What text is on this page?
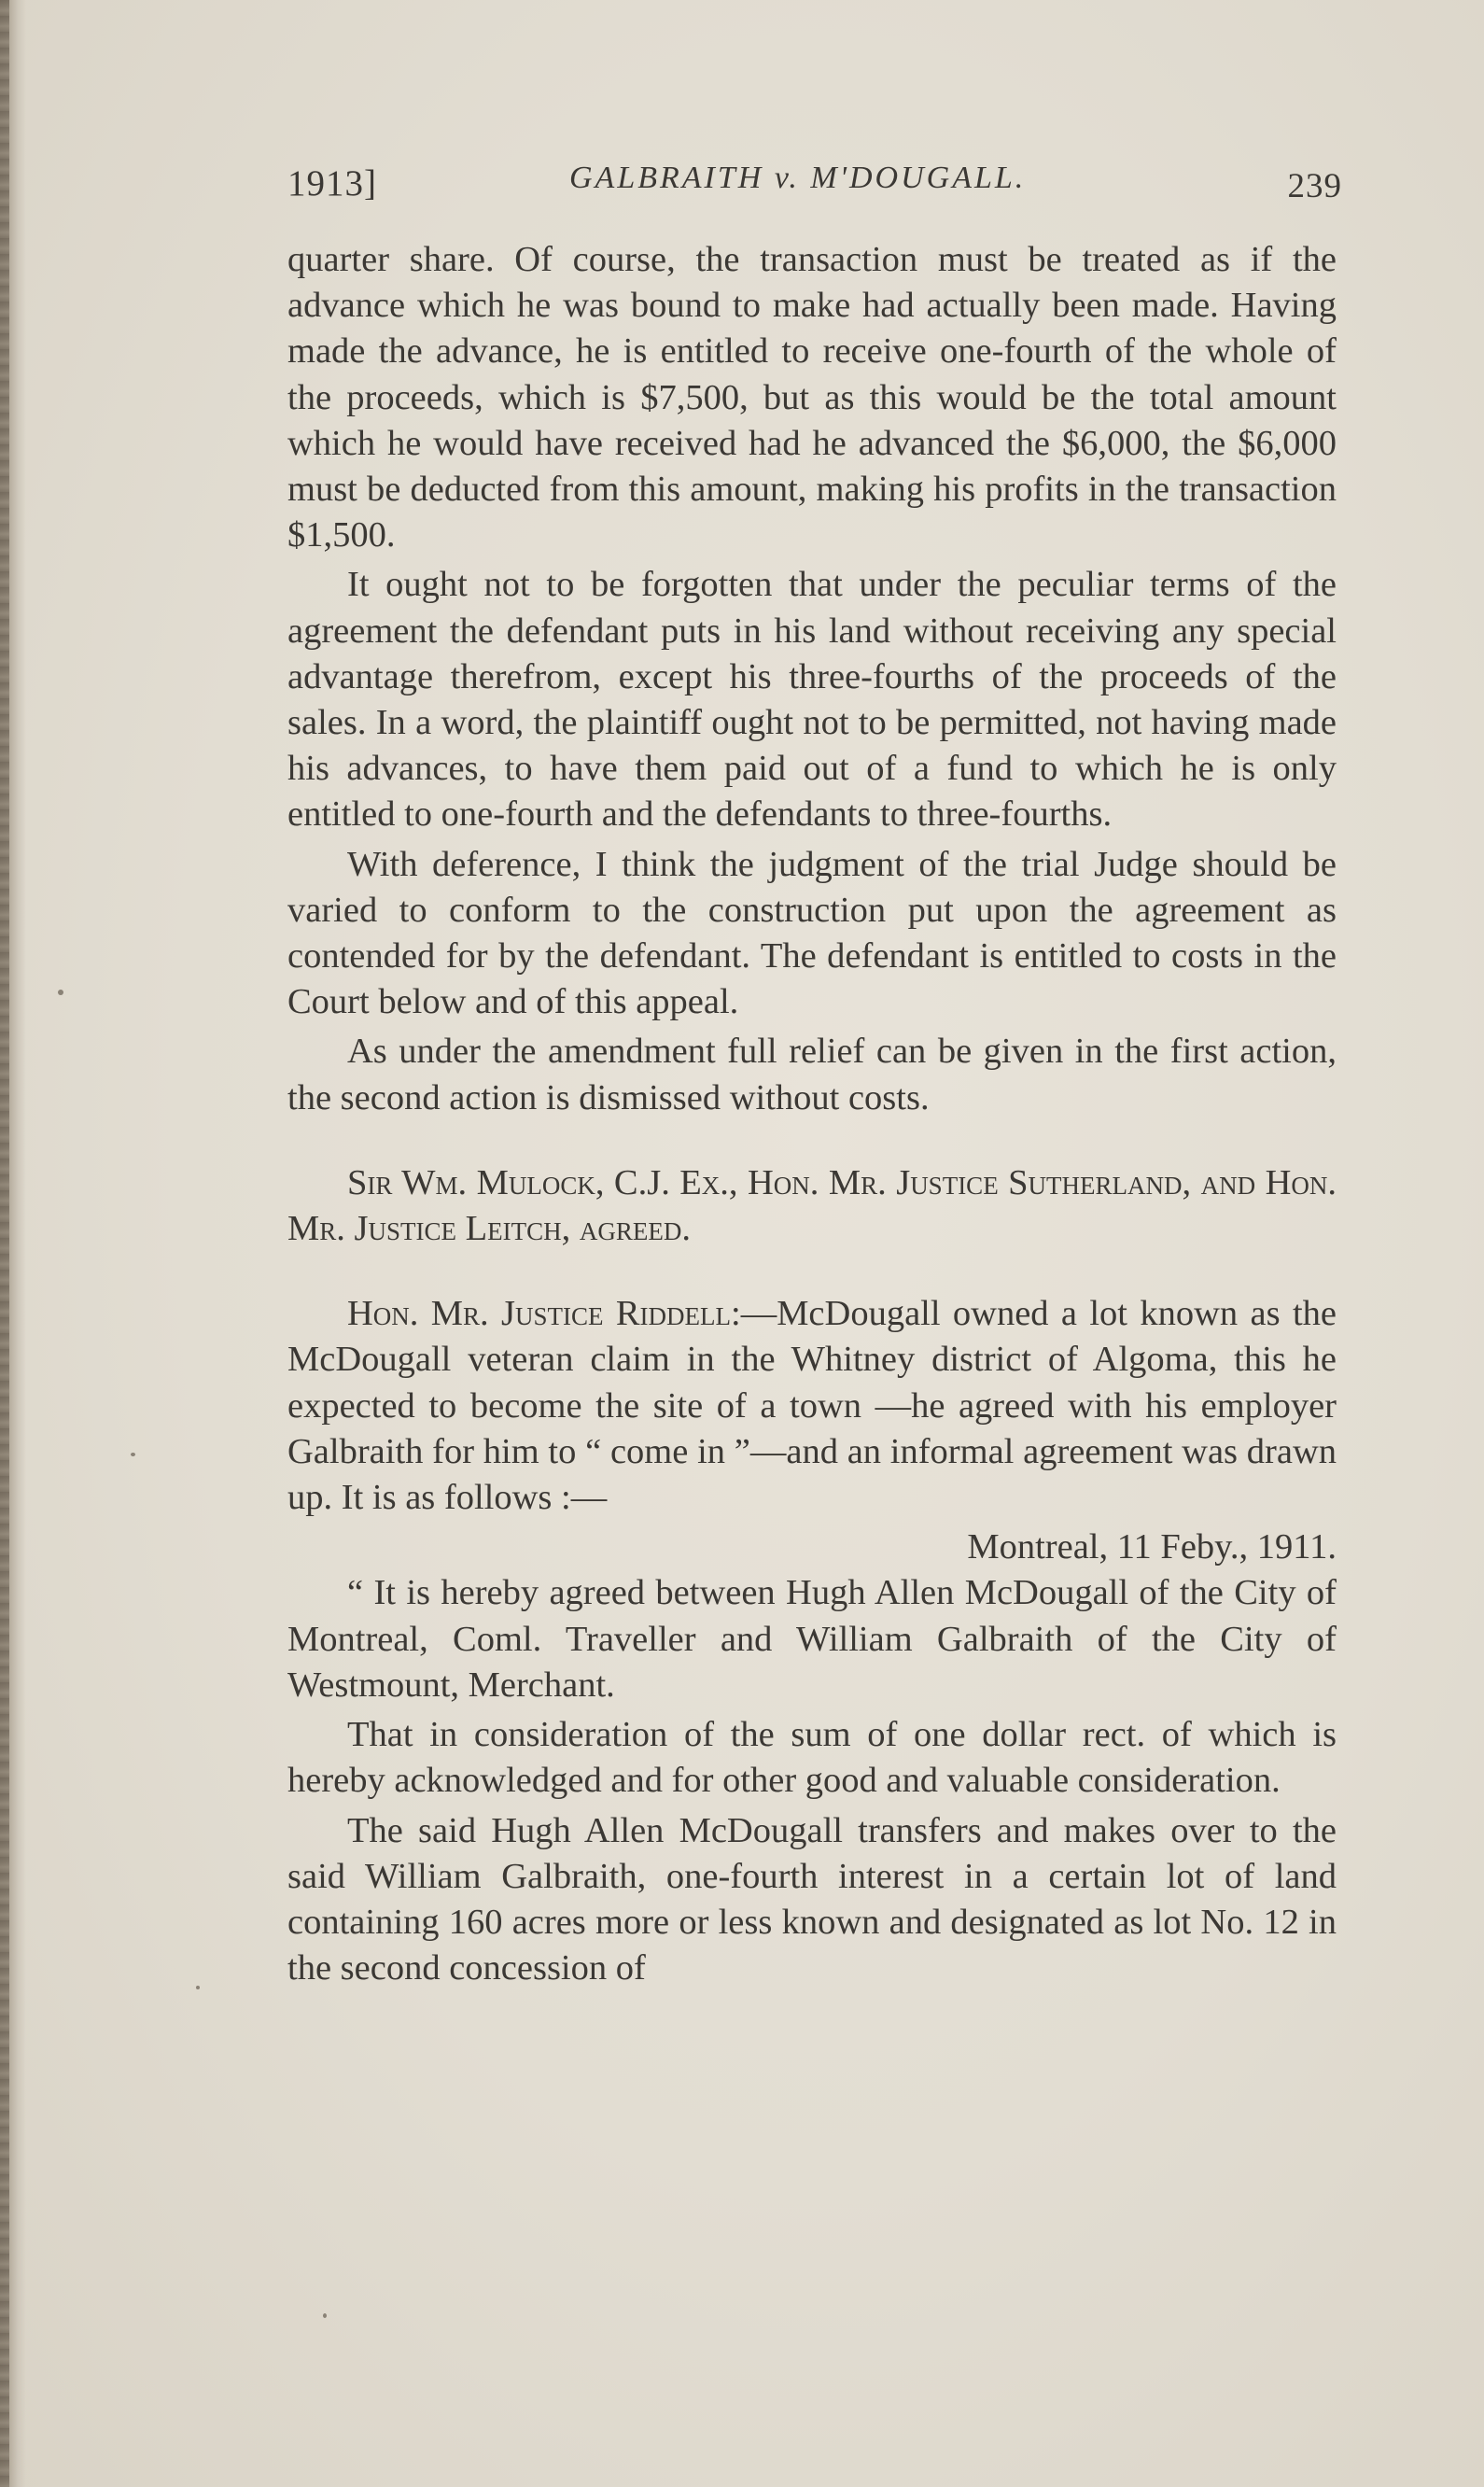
1913]	GALBRAITH v. M'DOUGALL.	239

quarter share. Of course, the transaction must be treated as if the advance which he was bound to make had actually been made. Having made the advance, he is entitled to receive one-fourth of the whole of the proceeds, which is $7,500, but as this would be the total amount which he would have received had he advanced the $6,000, the $6,000 must be deducted from this amount, making his profits in the transaction $1,500.

It ought not to be forgotten that under the peculiar terms of the agreement the defendant puts in his land without receiving any special advantage therefrom, except his three-fourths of the proceeds of the sales. In a word, the plaintiff ought not to be permitted, not having made his advances, to have them paid out of a fund to which he is only entitled to one-fourth and the defendants to three-fourths.

With deference, I think the judgment of the trial Judge should be varied to conform to the construction put upon the agreement as contended for by the defendant. The defendant is entitled to costs in the Court below and of this appeal.

As under the amendment full relief can be given in the first action, the second action is dismissed without costs.

Sir Wm. Mulock, C.J. Ex., Hon. Mr. Justice Sutherland, and Hon. Mr. Justice Leitch, agreed.

Hon. Mr. Justice Riddell:—McDougall owned a lot known as the McDougall veteran claim in the Whitney district of Algoma, this he expected to become the site of a town —he agreed with his employer Galbraith for him to “ come in ”—and an informal agreement was drawn up. It is as follows :—

Montreal, 11 Feby., 1911.

“ It is hereby agreed between Hugh Allen McDougall of the City of Montreal, Coml. Traveller and William Galbraith of the City of Westmount, Merchant.

That in consideration of the sum of one dollar rect. of which is hereby acknowledged and for other good and valuable consideration.

The said Hugh Allen McDougall transfers and makes over to the said William Galbraith, one-fourth interest in a certain lot of land containing 160 acres more or less known and designated as lot No. 12 in the second concession of
